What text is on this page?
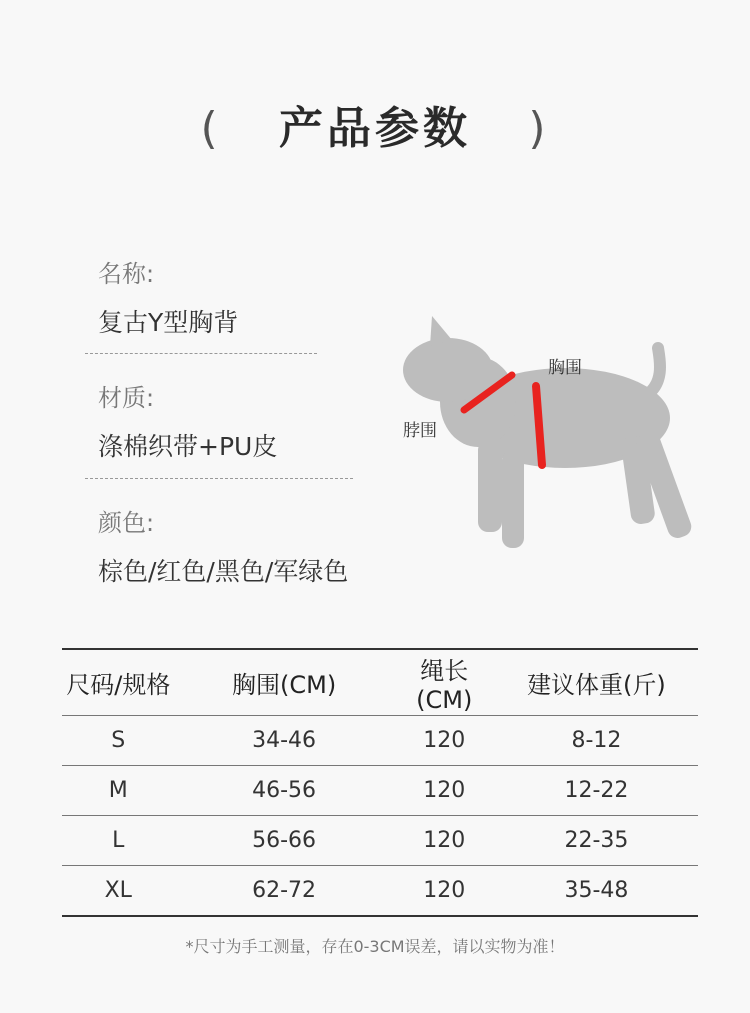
( 产品参数 )
名称:
复古Y型胸背
材质:
涤棉织带+PU皮
颜色:
棕色/红色/黑色/军绿色
胸围
脖围
尺码/规格	胸围(CM)	绳长(CM)	建议体重(斤)
S	34-46	120	8-12
M	46-56	120	12-22
L	56-66	120	22-35
XL	62-72	120	35-48
*尺寸为手工测量，存在0-3CM误差，请以实物为准！
